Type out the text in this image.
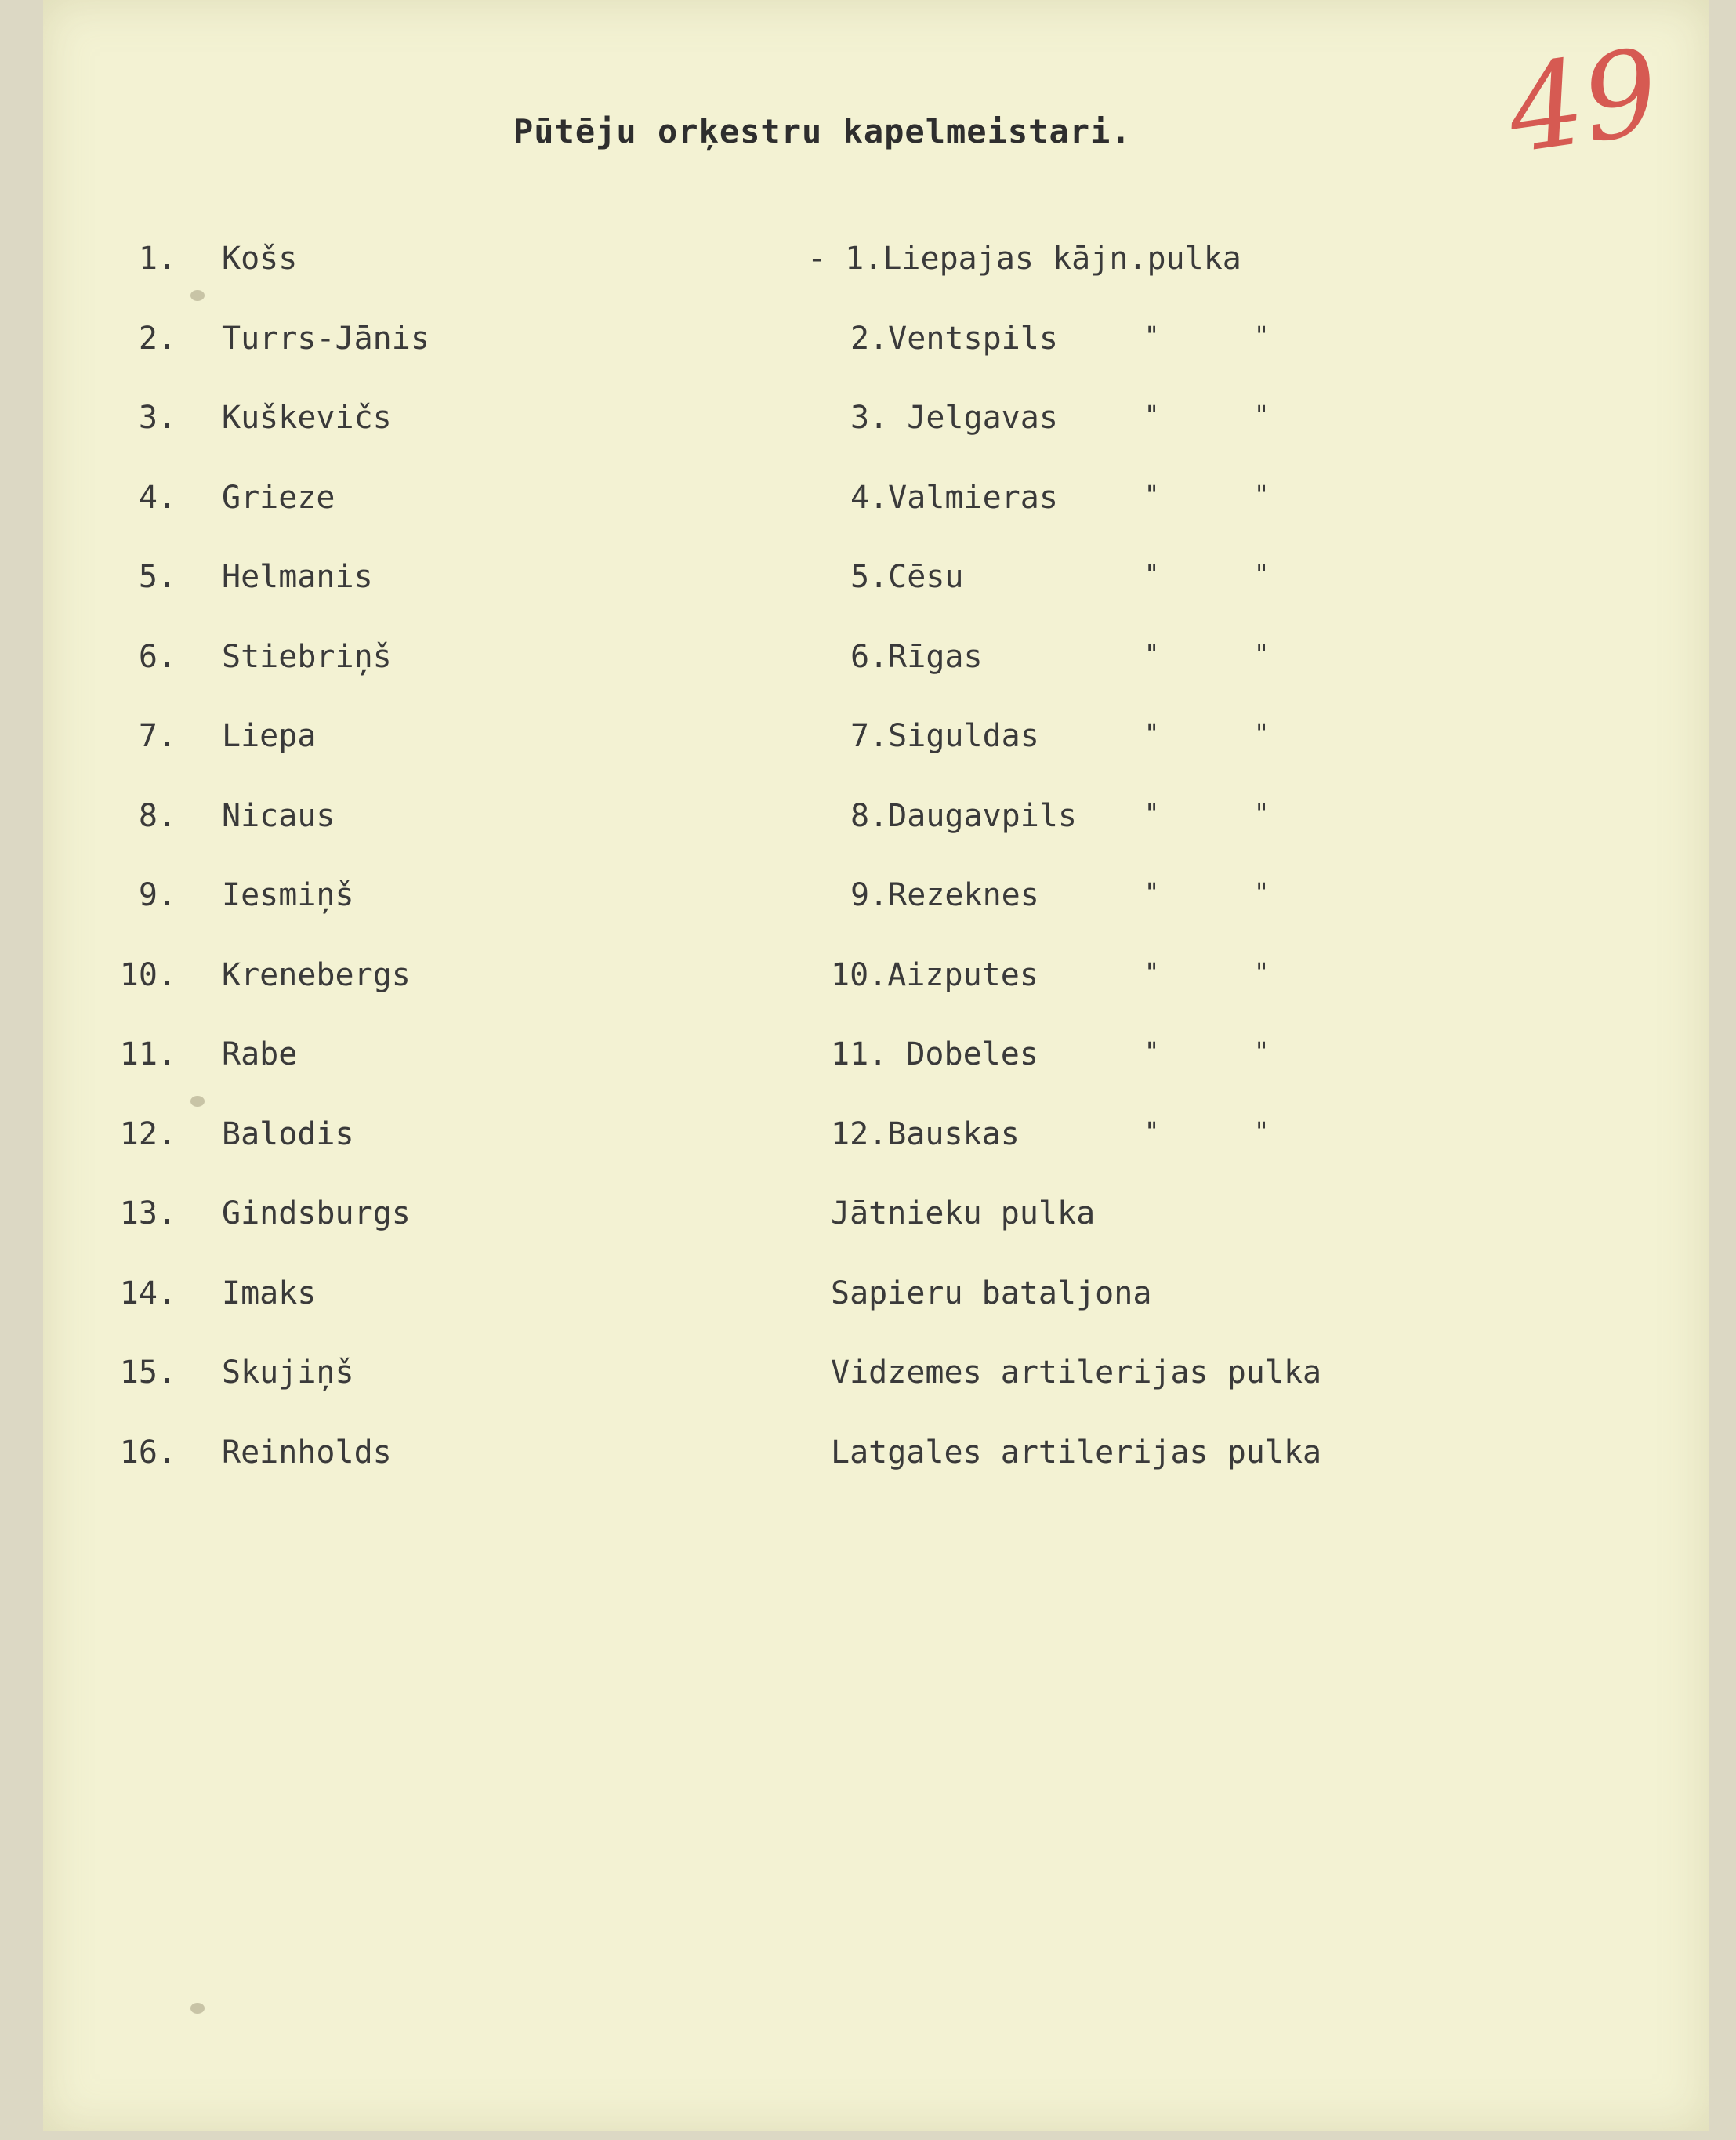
Pūtēju orķestru kapelmeistari.	49
1. Košs	- 1.Liepajas kājn.pulka
2. Turrs-Jānis	2.Ventspils	"	"
3. Kuškevičs	3. Jelgavas	"	"
4. Grieze	4.Valmieras	"	"
5. Helmanis	5.Cēsu	"	"
6. Stiebriņš	6.Rīgas	"	"
7. Liepa	7.Siguldas	"	"
8. Nicaus	8.Daugavpils	"	"
9. Iesmiņš	9.Rezeknes	"	"
10. Krenebergs	10.Aizputes	"	"
11. Rabe	11. Dobeles	"	"
12. Balodis	12.Bauskas	"	"
13. Gindsburgs	Jātnieku pulka
14. Imaks	Sapieru bataljona
15. Skujiņš	Vidzemes artilerijas pulka
16. Reinholds	Latgales artilerijas pulka
